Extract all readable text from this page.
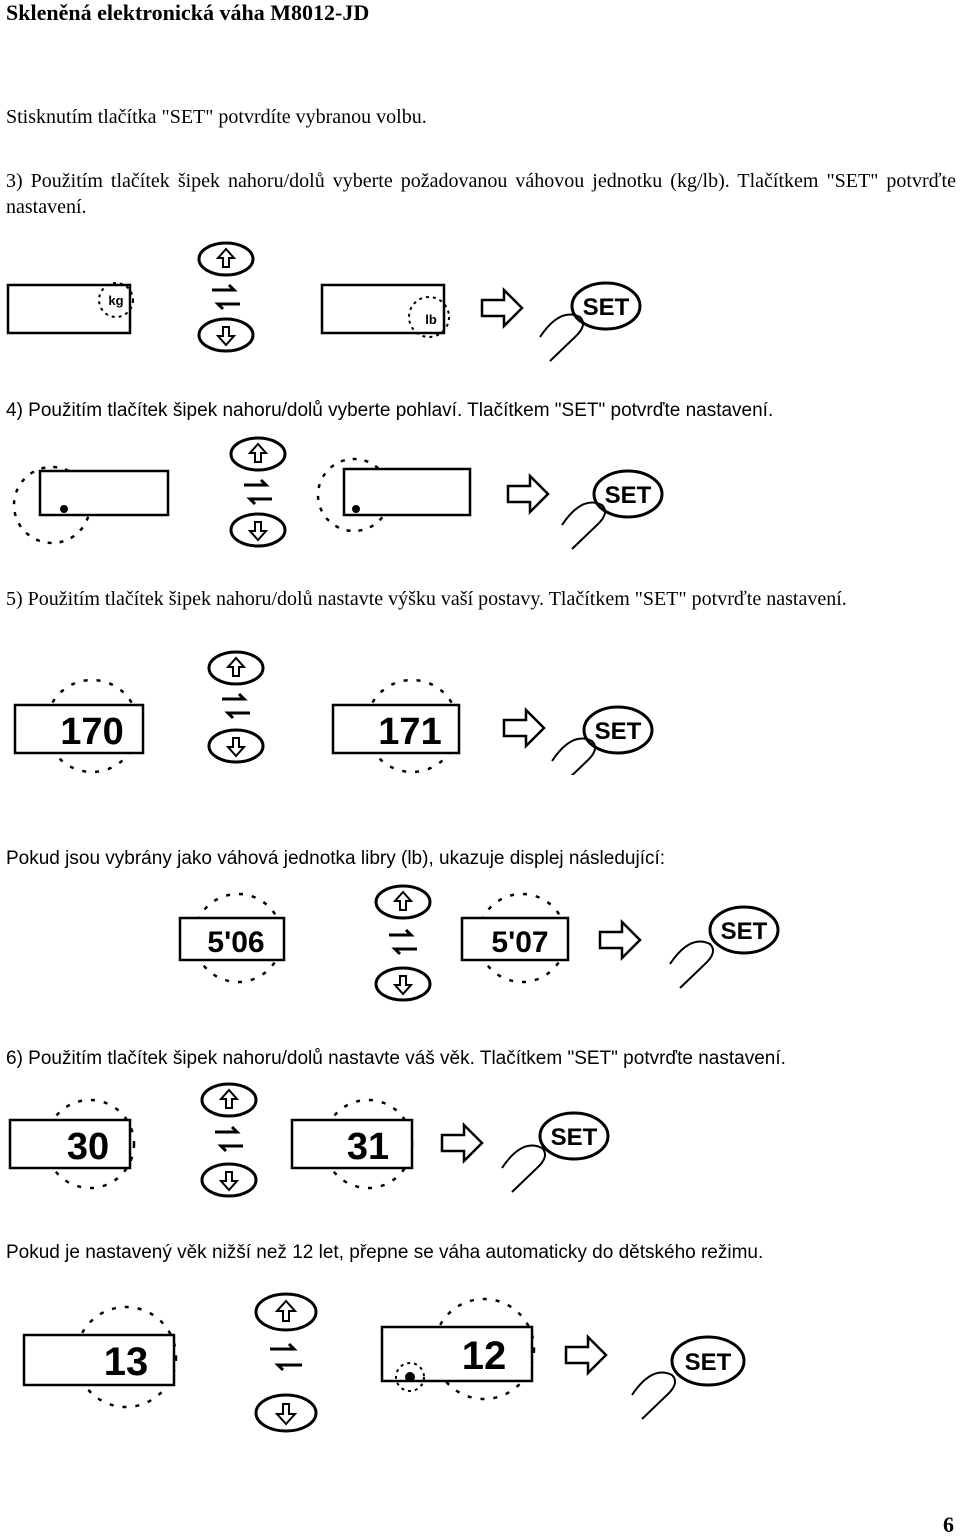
Skleněná elektronická váha M8012-JD
Stisknutím tlačítka "SET" potvrdíte vybranou volbu.
3) Použitím tlačítek šipek nahoru/dolů vyberte požadovanou váhovou jednotku (kg/lb). Tlačítkem "SET" potvrďte nastavení.
kg
lb	SET
4) Použitím tlačítek šipek nahoru/dolů vyberte pohlaví. Tlačítkem "SET" potvrďte nastavení.
SET
5) Použitím tlačítek šipek nahoru/dolů nastavte výšku vaší postavy. Tlačítkem "SET" potvrďte nastavení.
170	171	SET
Pokud jsou vybrány jako váhová jednotka libry (lb), ukazuje displej následující:
5'06	5'07	SET
6) Použitím tlačítek šipek nahoru/dolů nastavte váš věk. Tlačítkem "SET" potvrďte nastavení.
30	31	SET
Pokud je nastavený věk nižší než 12 let, přepne se váha automaticky do dětského režimu.
13	12	SET
6
